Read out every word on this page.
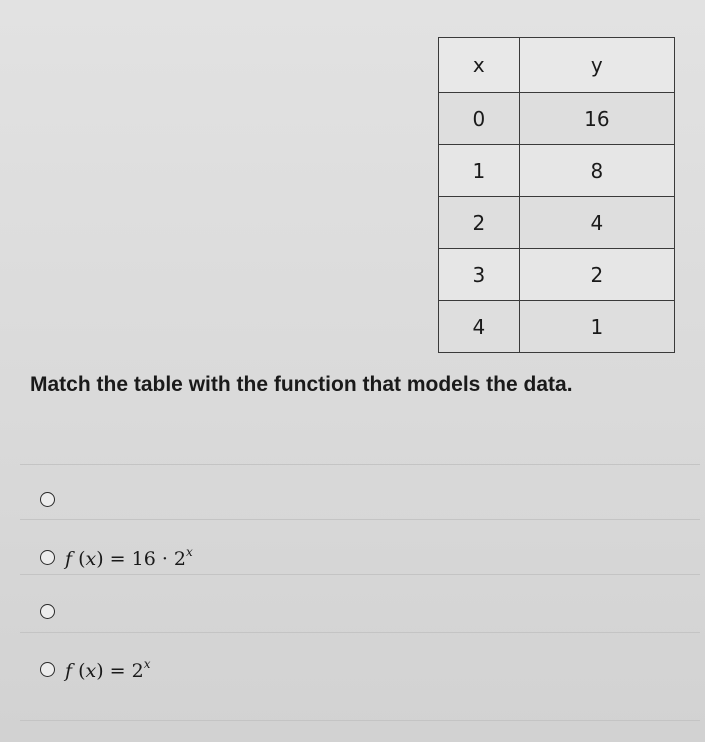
x	y
0	16
1	8
2	4
3	2
4	1
Match the table with the function that models the data.
f $(x) = 16 \cdot 2^x$
f $(x) = 2^x$
